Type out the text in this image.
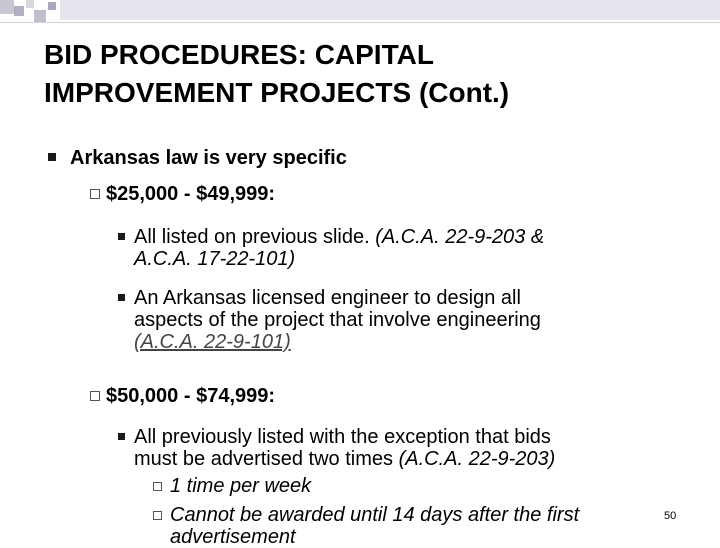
BID PROCEDURES: CAPITAL
IMPROVEMENT PROJECTS (Cont.)
Arkansas law is very specific
$25,000 - $49,999:
All listed on previous slide. (A.C.A. 22-9-203 &
A.C.A. 17-22-101)
An Arkansas licensed engineer to design all
aspects of the project that involve engineering
(A.C.A. 22-9-101)
$50,000 - $74,999:
All previously listed with the exception that bids
must be advertised two times (A.C.A. 22-9-203)
1 time per week
Cannot be awarded until 14 days after the first
advertisement
50
